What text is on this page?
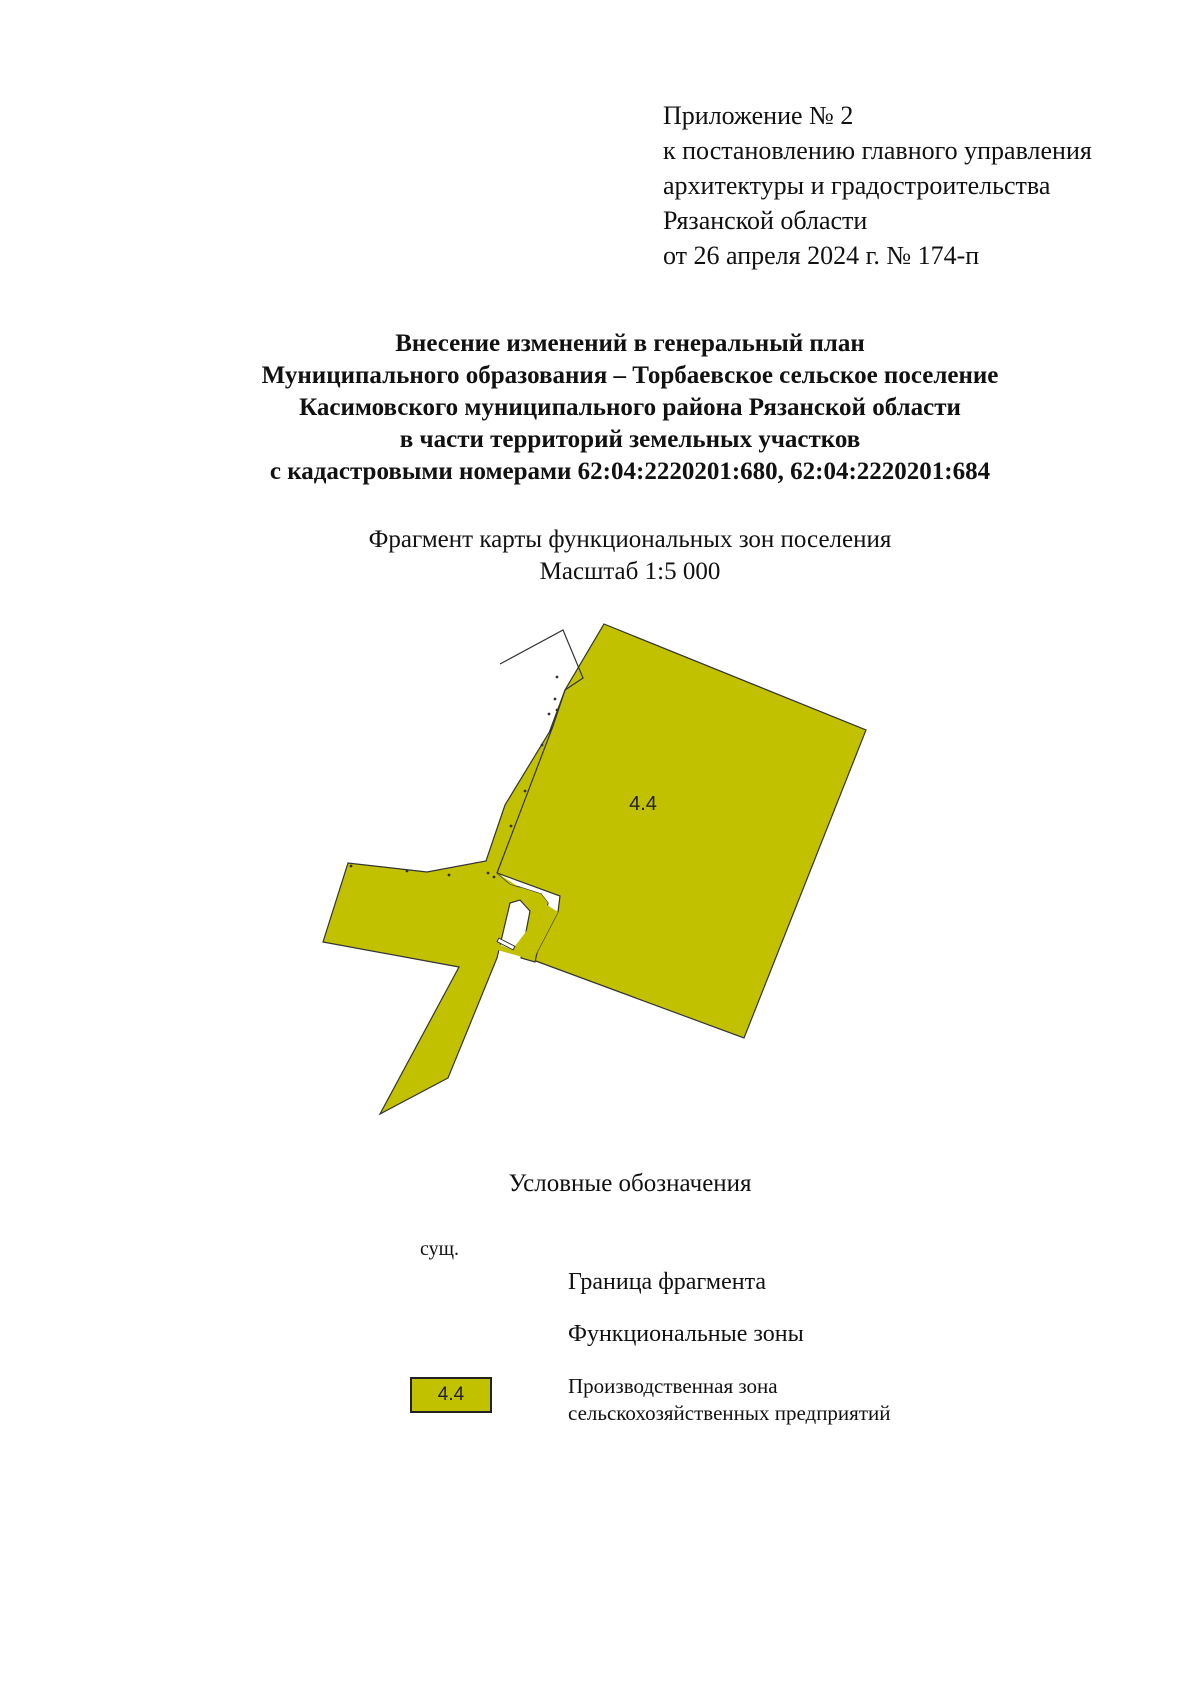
Приложение № 2
к постановлению главного управления
архитектуры и градостроительства
Рязанской области
от 26 апреля 2024 г. № 174-п
Внесение изменений в генеральный план
Муниципального образования – Торбаевское сельское поселение
Касимовского муниципального района Рязанской области
в части территорий земельных участков
с кадастровыми номерами 62:04:2220201:680, 62:04:2220201:684
Фрагмент карты функциональных зон поселения
Масштаб 1:5 000
4.4
Условные обозначения
сущ.
Граница фрагмента
Функциональные зоны
4.4	Производственная зона
сельскохозяйственных предприятий
